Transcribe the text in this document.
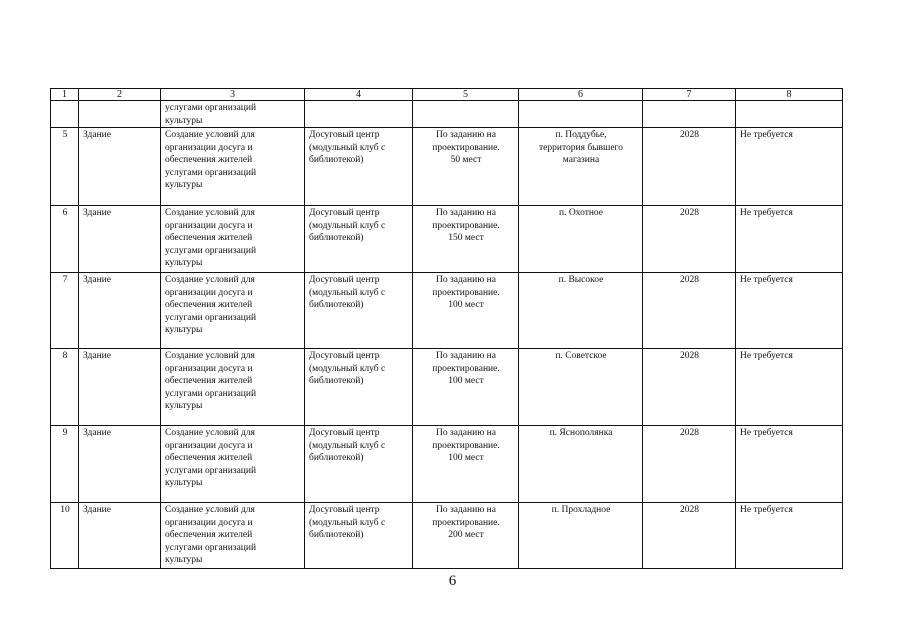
1	2	3	4	5	6	7	8
		услугами организаций
культуры					
5	Здание	Создание условий для
организации досуга и
обеспечения жителей
услугами организаций
культуры	Досуговый центр
(модульный клуб с
библиотекой)	По заданию на
проектирование.
50 мест	п. Поддубье,
территория бывшего
магазина	2028	Не требуется
6	Здание	Создание условий для
организации досуга и
обеспечения жителей
услугами организаций
культуры	Досуговый центр
(модульный клуб с
библиотекой)	По заданию на
проектирование.
150 мест	п. Охотное	2028	Не требуется
7	Здание	Создание условий для
организации досуга и
обеспечения жителей
услугами организаций
культуры	Досуговый центр
(модульный клуб с
библиотекой)	По заданию на
проектирование.
100 мест	п. Высокое	2028	Не требуется
8	Здание	Создание условий для
организации досуга и
обеспечения жителей
услугами организаций
культуры	Досуговый центр
(модульный клуб с
библиотекой)	По заданию на
проектирование.
100 мест	п. Советское	2028	Не требуется
9	Здание	Создание условий для
организации досуга и
обеспечения жителей
услугами организаций
культуры	Досуговый центр
(модульный клуб с
библиотекой)	По заданию на
проектирование.
100 мест	п. Яснополянка	2028	Не требуется
10	Здание	Создание условий для
организации досуга и
обеспечения жителей
услугами организаций
культуры	Досуговый центр
(модульный клуб с
библиотекой)	По заданию на
проектирование.
200 мест	п. Прохладное	2028	Не требуется
6
